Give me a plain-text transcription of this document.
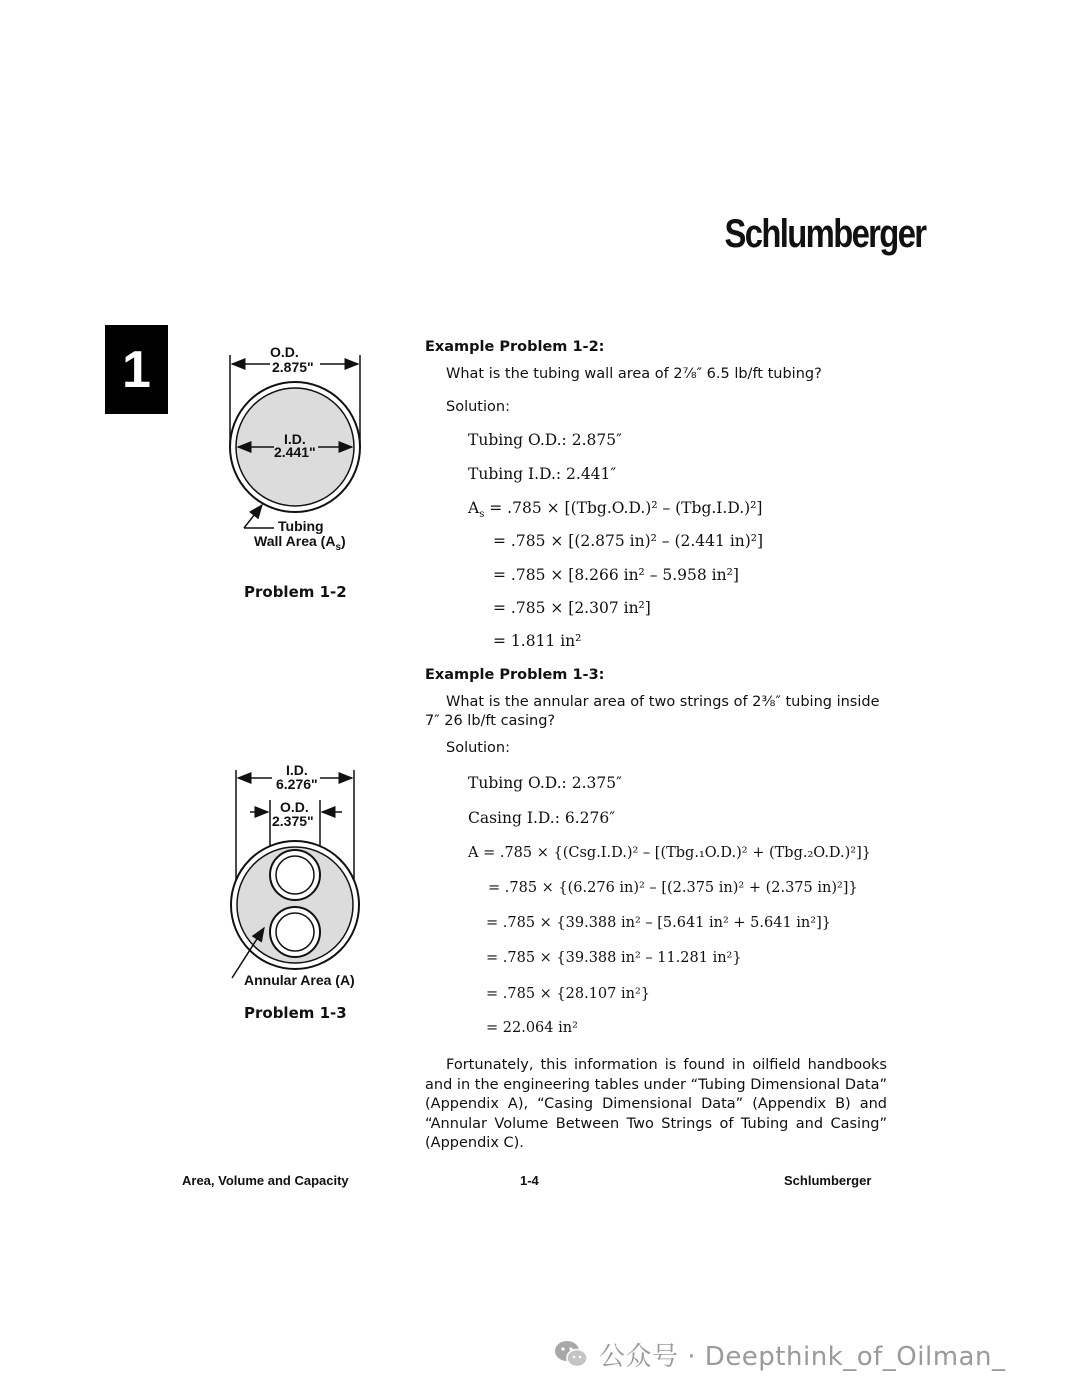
Schlumberger
1	O.D.
2.875"
I.D.
2.441"
Tubing
Wall Area $(A_s)$
Problem 1-2
I.D.
6.276"
O.D.
2.375"
Annular Area (A)
Problem 1-3
Example Problem 1-2:
What is the tubing wall area of 2⅞″ 6.5 lb/ft tubing?
Solution:
Tubing O.D.: 2.875″
Tubing I.D.: 2.441″
$A_s = .785 \times [(Tbg.O.D.)^2 - (Tbg.I.D.)^2]$
= .785 × [(2.875 in)² – (2.441 in)²]
= .785 × [8.266 in² – 5.958 in²]
= .785 × [2.307 in²]
= 1.811 in²
Example Problem 1-3:
What is the annular area of two strings of 2⅜″ tubing inside
7″ 26 lb/ft casing?
Solution:
Tubing O.D.: 2.375″
Casing I.D.: 6.276″
A = .785 × {(Csg.I.D.)² – [(Tbg.₁O.D.)² + (Tbg.₂O.D.)²]}
= .785 × {(6.276 in)² – [(2.375 in)² + (2.375 in)²]}
= .785 × {39.388 in² – [5.641 in² + 5.641 in²]}
= .785 × {39.388 in² – 11.281 in²}
= .785 × {28.107 in²}
= 22.064 in²
Fortunately, this information is found in oilfield handbooks and in the engineering tables under “Tubing Dimensional Data” (Appendix A), “Casing Dimensional Data” (Appendix B) and “Annular Volume Between Two Strings of Tubing and Casing” (Appendix C).
Area, Volume and Capacity	1-4	Schlumberger
公众号 · Deepthink_of_Oilman_
